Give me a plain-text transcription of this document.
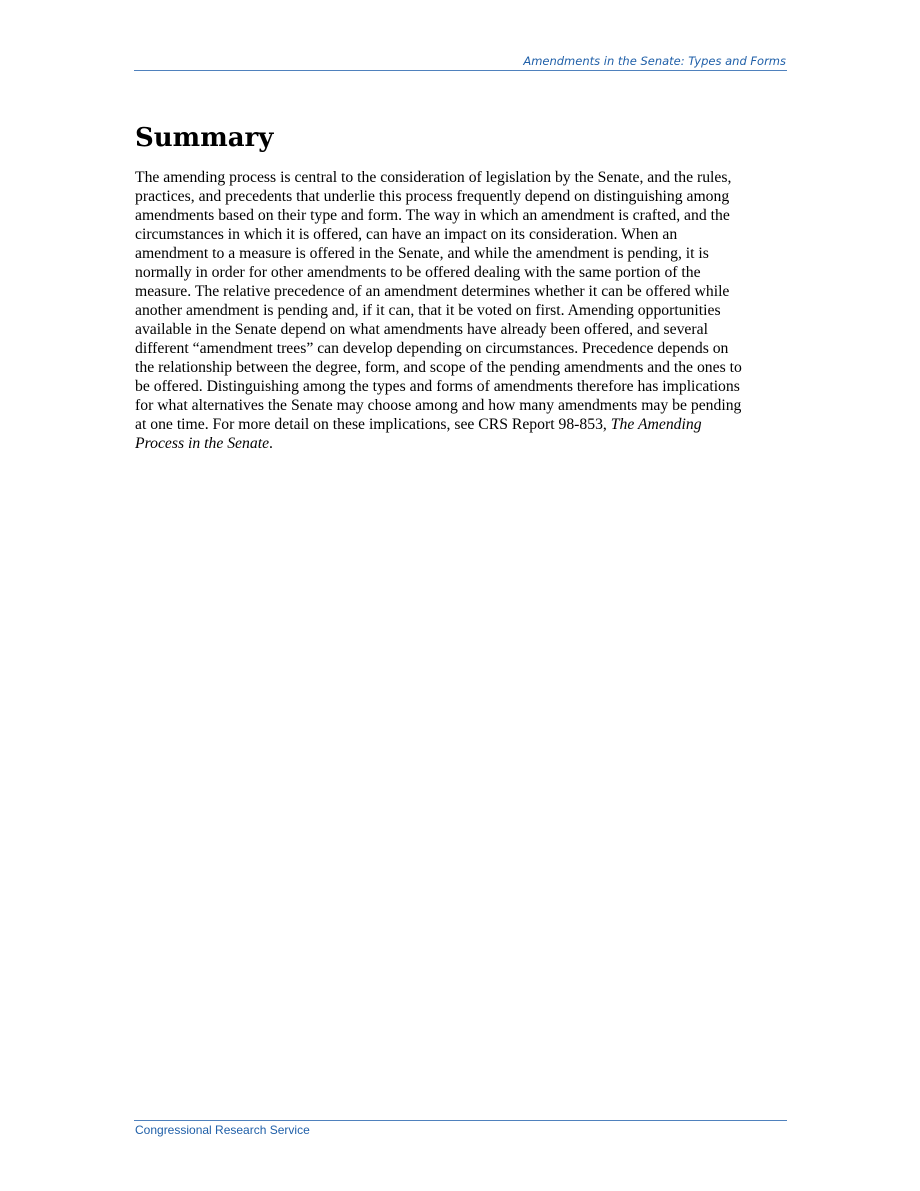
Amendments in the Senate: Types and Forms
Summary

The amending process is central to the consideration of legislation by the Senate, and the rules,
practices, and precedents that underlie this process frequently depend on distinguishing among
amendments based on their type and form. The way in which an amendment is crafted, and the
circumstances in which it is offered, can have an impact on its consideration. When an
amendment to a measure is offered in the Senate, and while the amendment is pending, it is
normally in order for other amendments to be offered dealing with the same portion of the
measure. The relative precedence of an amendment determines whether it can be offered while
another amendment is pending and, if it can, that it be voted on first. Amending opportunities
available in the Senate depend on what amendments have already been offered, and several
different “amendment trees” can develop depending on circumstances. Precedence depends on
the relationship between the degree, form, and scope of the pending amendments and the ones to
be offered. Distinguishing among the types and forms of amendments therefore has implications
for what alternatives the Senate may choose among and how many amendments may be pending
at one time. For more detail on these implications, see CRS Report 98-853, The Amending
Process in the Senate.

Congressional Research Service
